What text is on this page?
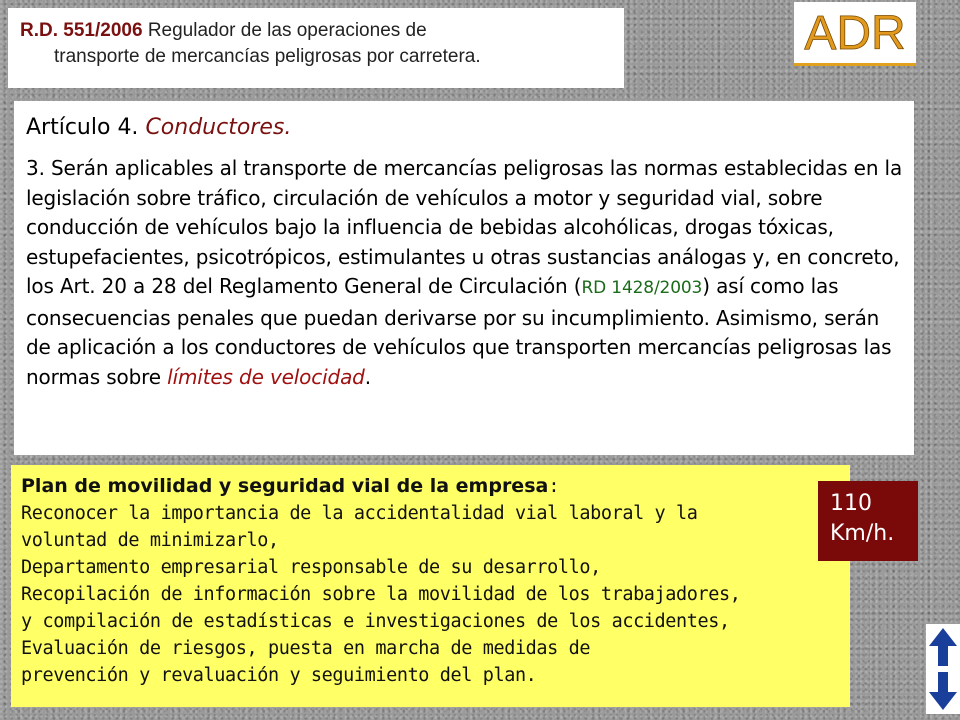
R.D. 551/2006 Regulador de las operaciones de
transporte de mercancías peligrosas por carretera.	ADR
Artículo 4. Conductores.
3. Serán aplicables al transporte de mercancías peligrosas las normas establecidas en la legislación sobre tráfico, circulación de vehículos a motor y seguridad vial, sobre conducción de vehículos bajo la influencia de bebidas alcohólicas, drogas tóxicas, estupefacientes, psicotrópicos, estimulantes u otras sustancias análogas y, en concreto, los Art. 20 a 28 del Reglamento General de Circulación (RD 1428/2003) así como las consecuencias penales que puedan derivarse por su incumplimiento. Asimismo, serán de aplicación a los conductores de vehículos que transporten mercancías peligrosas las normas sobre límites de velocidad.
Plan de movilidad y seguridad vial de la empresa:
Reconocer la importancia de la accidentalidad vial laboral y la
voluntad de minimizarlo,
Departamento empresarial responsable de su desarrollo,
Recopilación de información sobre la movilidad de los trabajadores,
y compilación de estadísticas e investigaciones de los accidentes,
Evaluación de riesgos, puesta en marcha de medidas de
prevención y revaluación y seguimiento del plan.
110
Km/h.
